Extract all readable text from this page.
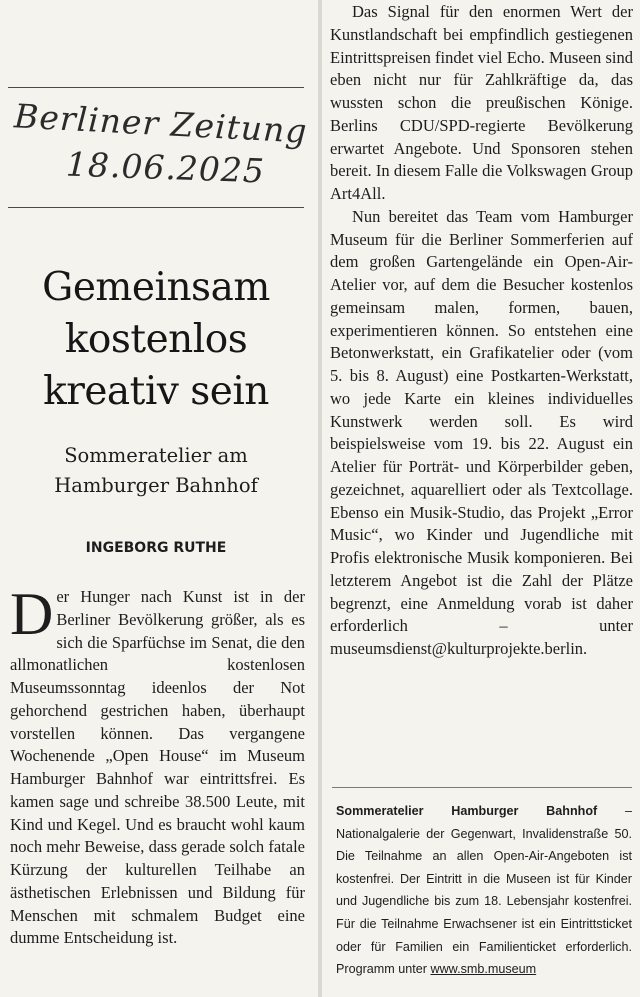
Berliner Zeitung
18.06.2025
Gemeinsam
kostenlos
kreativ sein
Sommeratelier am
Hamburger Bahnhof
INGEBORG RUTHE
Der Hunger nach Kunst ist in der Berliner Bevölkerung größer, als es sich die Sparfüchse im Senat, die den allmonatlichen kostenlosen Museumssonntag ideenlos der Not gehorchend gestrichen haben, überhaupt vorstellen können. Das vergangene Wochenende „Open House“ im Museum Hamburger Bahnhof war eintrittsfrei. Es kamen sage und schreibe 38.500 Leute, mit Kind und Kegel. Und es braucht wohl kaum noch mehr Beweise, dass gerade solch fatale Kürzung der kulturellen Teilhabe an ästhetischen Erlebnissen und Bildung für Menschen mit schmalem Budget eine dumme Entscheidung ist.
Das Signal für den enormen Wert der Kunstlandschaft bei empfindlich gestiegenen Eintrittspreisen findet viel Echo. Museen sind eben nicht nur für Zahlkräftige da, das wussten schon die preußischen Könige. Berlins CDU/SPD-regierte Bevölkerung erwartet Angebote. Und Sponsoren stehen bereit. In diesem Falle die Volkswagen Group Art4All.
Nun bereitet das Team vom Hamburger Museum für die Berliner Sommerferien auf dem großen Gartengelände ein Open-Air-Atelier vor, auf dem die Besucher kostenlos gemeinsam malen, formen, bauen, experimentieren können. So entstehen eine Betonwerkstatt, ein Grafikatelier oder (vom 5. bis 8. August) eine Postkarten-Werkstatt, wo jede Karte ein kleines individuelles Kunstwerk werden soll. Es wird beispielsweise vom 19. bis 22. August ein Atelier für Porträt- und Körperbilder geben, gezeichnet, aquarelliert oder als Textcollage. Ebenso ein Musik-Studio, das Projekt „Error Music“, wo Kinder und Jugendliche mit Profis elektronische Musik komponieren. Bei letzterem Angebot ist die Zahl der Plätze begrenzt, eine Anmeldung vorab ist daher erforderlich – unter museumsdienst@kulturprojekte.berlin.
Sommeratelier Hamburger Bahnhof – Nationalgalerie der Gegenwart, Invalidenstraße 50. Die Teilnahme an allen Open-Air-Angeboten ist kostenfrei. Der Eintritt in die Museen ist für Kinder und Jugendliche bis zum 18. Lebensjahr kostenfrei. Für die Teilnahme Erwachsener ist ein Eintrittsticket oder für Familien ein Familienticket erforderlich. Programm unter www.smb.museum
